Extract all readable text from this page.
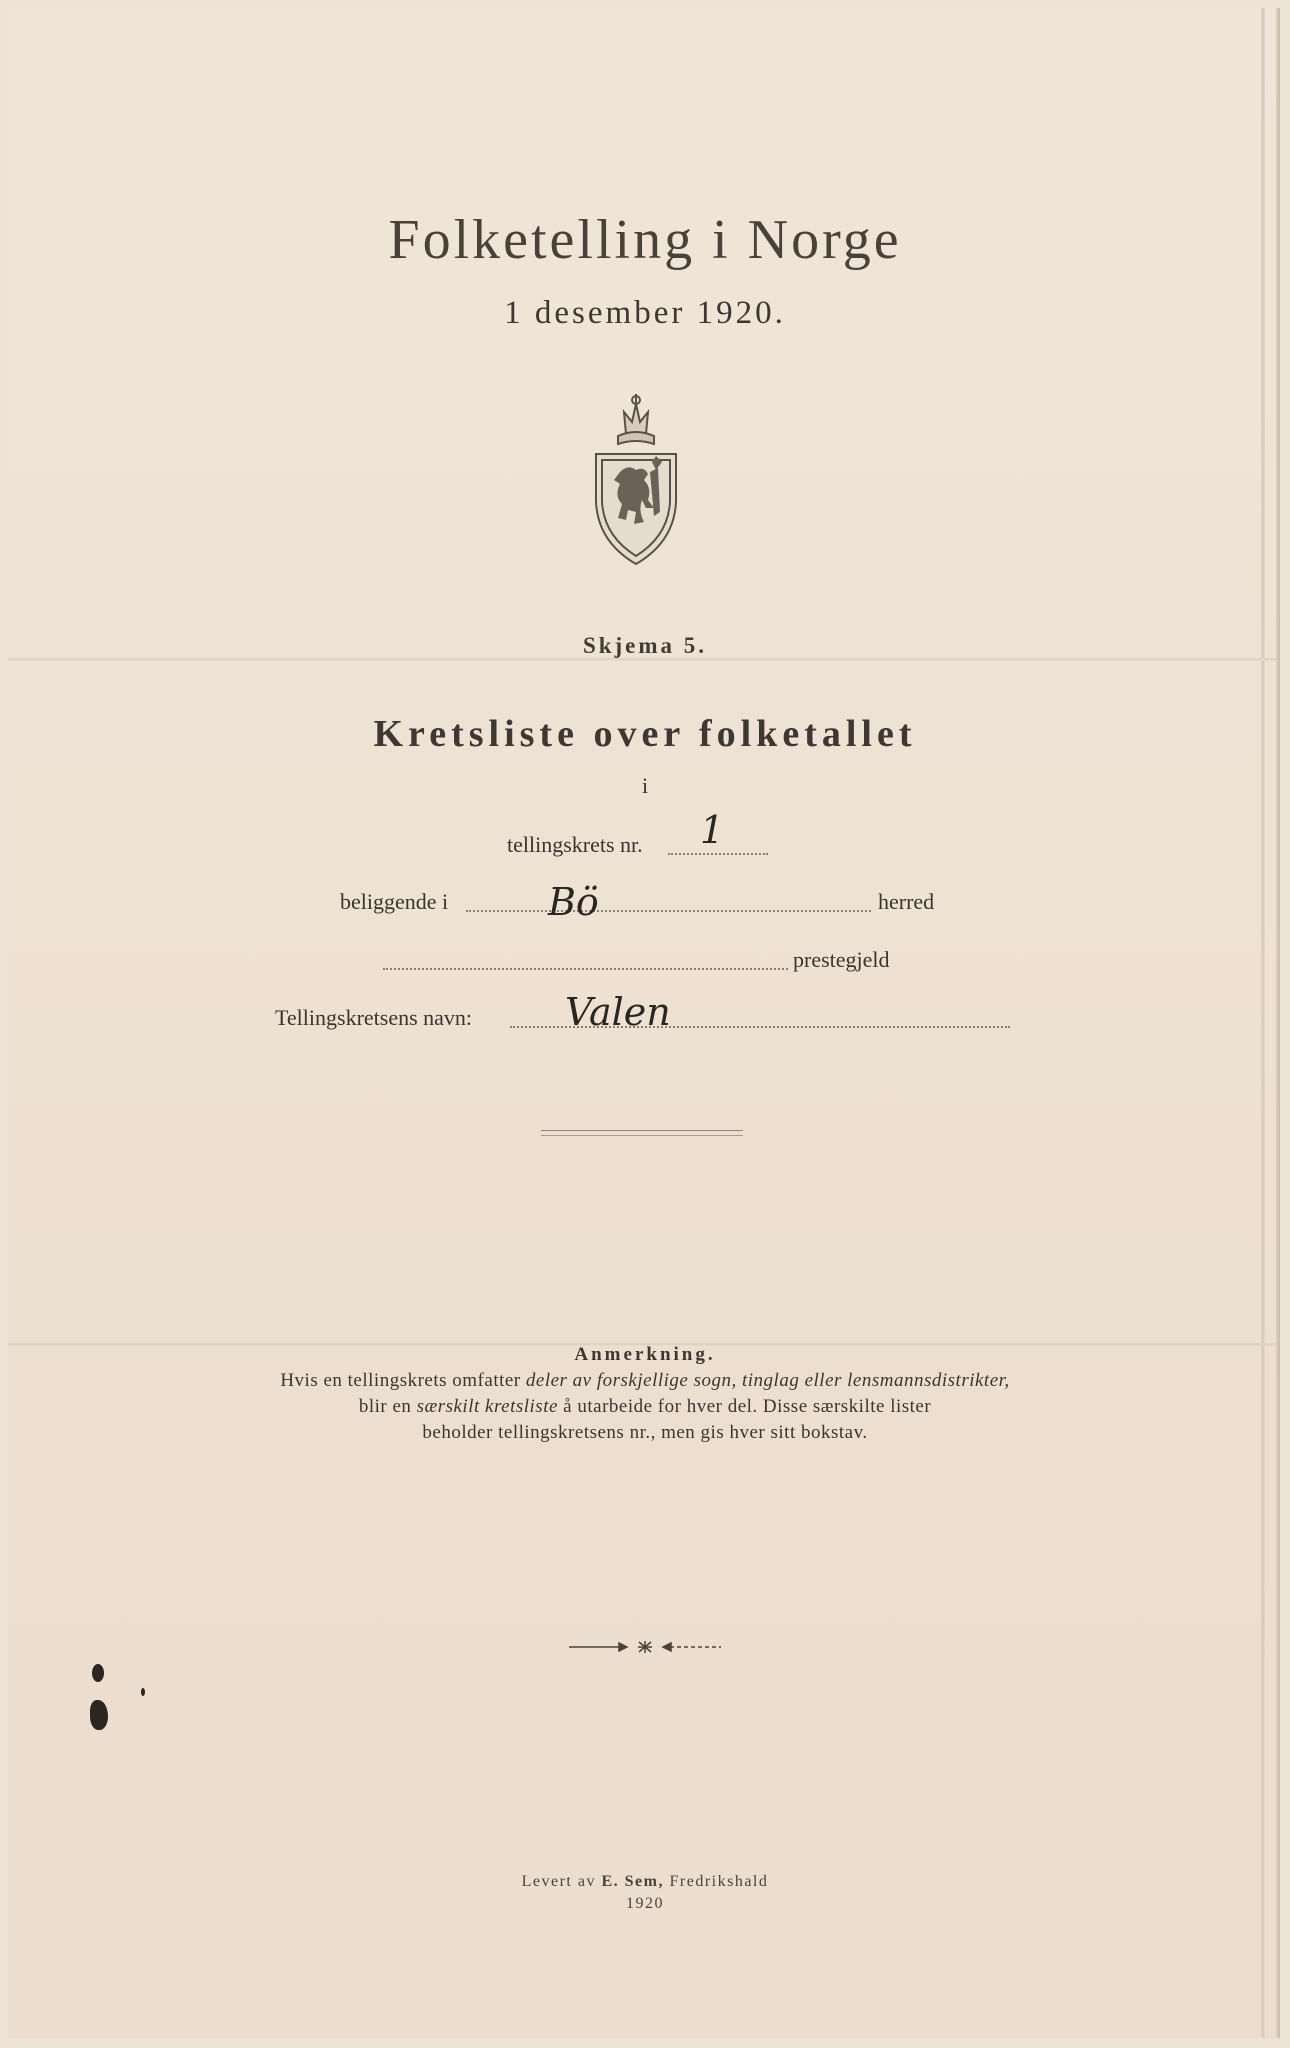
Folketelling i Norge
1 desember 1920.
Skjema 5.
Kretsliste over folketallet
i
tellingskrets nr. 1
beliggende i	Bö	herred
prestegjeld
Tellingskretsens navn: Valen
Anmerkning.
Hvis en tellingskrets omfatter deler av forskjellige sogn, tinglag eller lensmannsdistrikter,
blir en særskilt kretsliste å utarbeide for hver del. Disse særskilte lister
beholder tellingskretsens nr., men gis hver sitt bokstav.
Levert av E. Sem, Fredrikshald
1920
